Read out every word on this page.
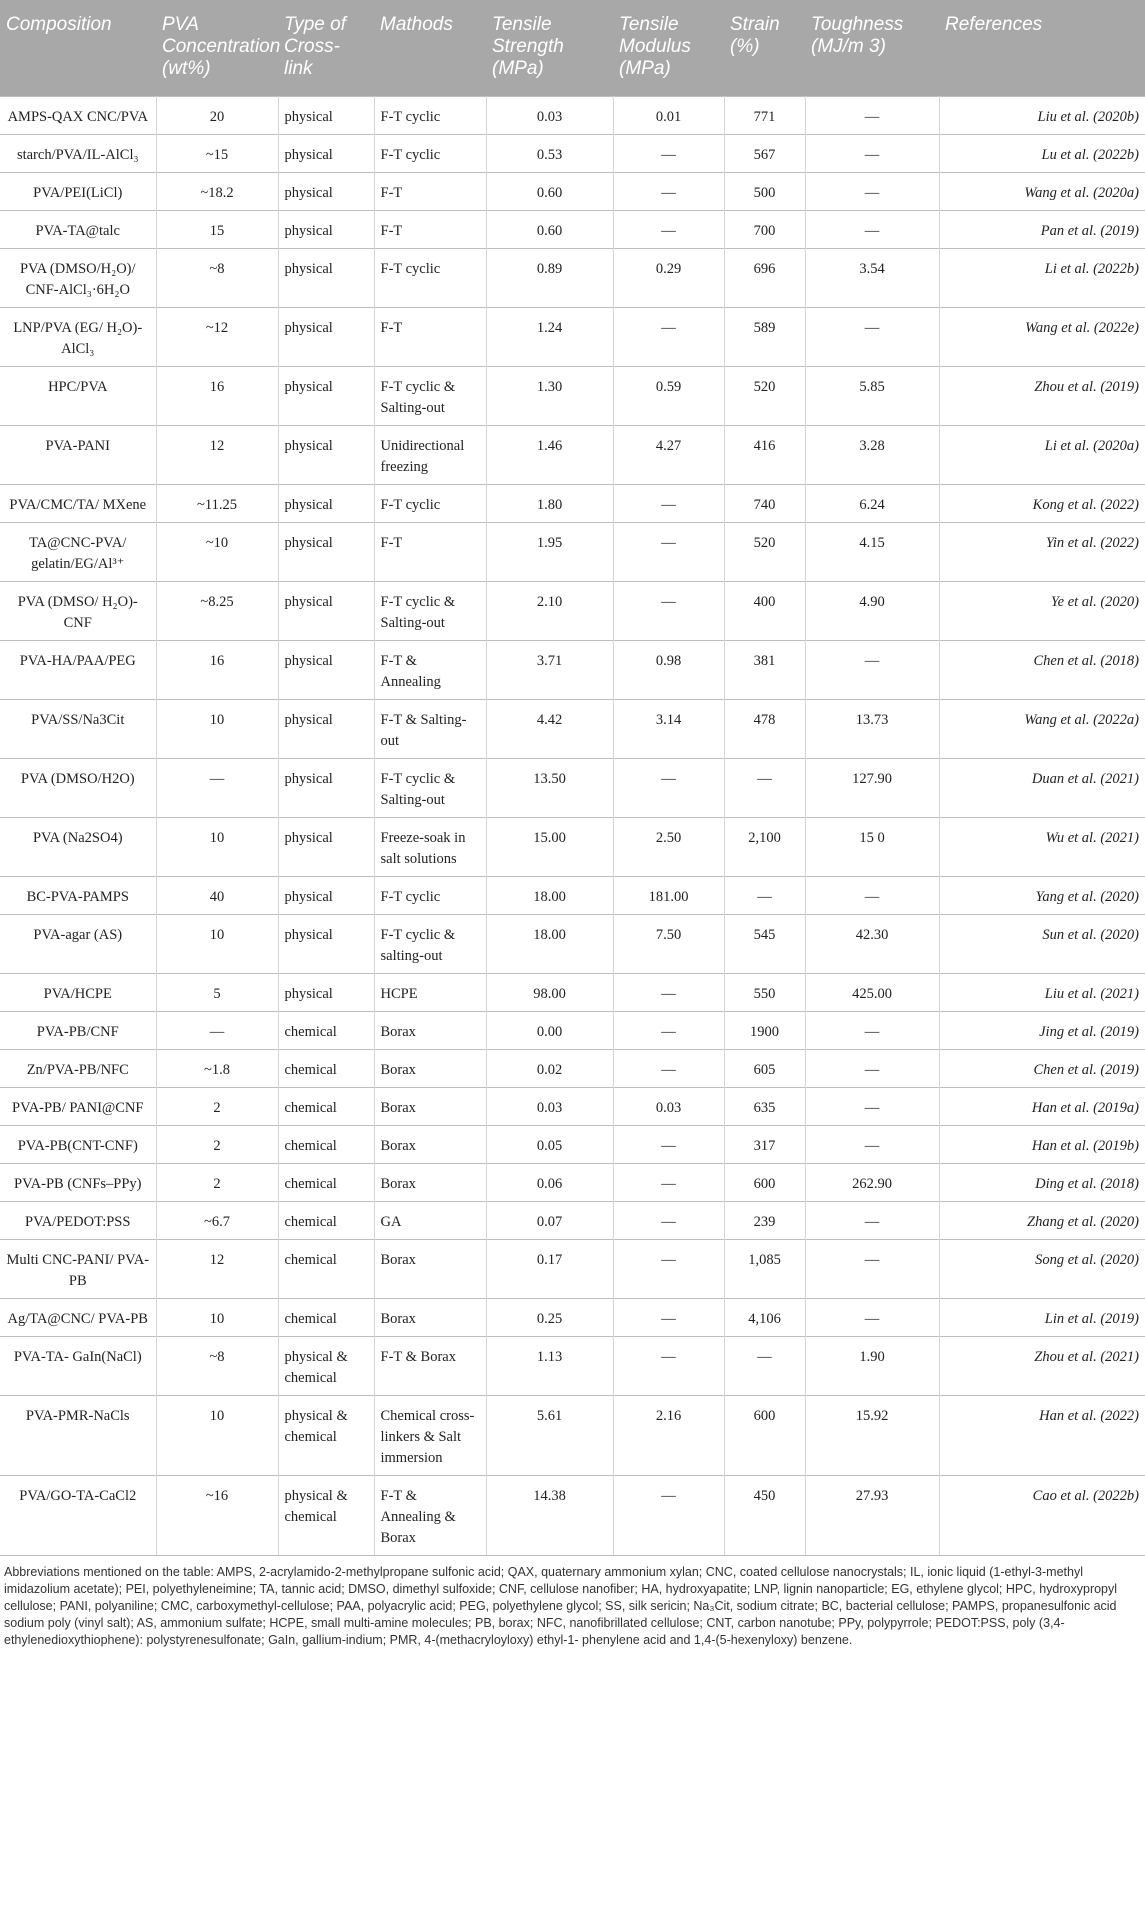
Composition	PVA Concentration (wt%)	Type of Cross-link	Mathods	Tensile Strength (MPa)	Tensile Modulus (MPa)	Strain (%)	Toughness (MJ/m 3)	References
AMPS-QAX CNC/PVA	20	physical	F-T cyclic	0.03	0.01	771	—	Liu et al. (2020b)
starch/PVA/IL-AlCl₃	~15	physical	F-T cyclic	0.53	—	567	—	Lu et al. (2022b)
PVA/PEI(LiCl)	~18.2	physical	F-T	0.60	—	500	—	Wang et al. (2020a)
PVA-TA@talc	15	physical	F-T	0.60	—	700	—	Pan et al. (2019)
PVA (DMSO/H₂O)/ CNF-AlCl₃·6H₂O	~8	physical	F-T cyclic	0.89	0.29	696	3.54	Li et al. (2022b)
LNP/PVA (EG/ H₂O)-AlCl₃	~12	physical	F-T	1.24	—	589	—	Wang et al. (2022e)
HPC/PVA	16	physical	F-T cyclic & Salting-out	1.30	0.59	520	5.85	Zhou et al. (2019)
PVA-PANI	12	physical	Unidirectional freezing	1.46	4.27	416	3.28	Li et al. (2020a)
PVA/CMC/TA/ MXene	~11.25	physical	F-T cyclic	1.80	—	740	6.24	Kong et al. (2022)
TA@CNC-PVA/ gelatin/EG/Al³⁺	~10	physical	F-T	1.95	—	520	4.15	Yin et al. (2022)
PVA (DMSO/ H₂O)-CNF	~8.25	physical	F-T cyclic & Salting-out	2.10	—	400	4.90	Ye et al. (2020)
PVA-HA/PAA/PEG	16	physical	F-T & Annealing	3.71	0.98	381	—	Chen et al. (2018)
PVA/SS/Na3Cit	10	physical	F-T & Salting-out	4.42	3.14	478	13.73	Wang et al. (2022a)
PVA (DMSO/H2O)	—	physical	F-T cyclic & Salting-out	13.50	—	—	127.90	Duan et al. (2021)
PVA (Na2SO4)	10	physical	Freeze-soak in salt solutions	15.00	2.50	2,100	15 0	Wu et al. (2021)
BC-PVA-PAMPS	40	physical	F-T cyclic	18.00	181.00	—	—	Yang et al. (2020)
PVA-agar (AS)	10	physical	F-T cyclic & salting-out	18.00	7.50	545	42.30	Sun et al. (2020)
PVA/HCPE	5	physical	HCPE	98.00	—	550	425.00	Liu et al. (2021)
PVA-PB/CNF	—	chemical	Borax	0.00	—	1900	—	Jing et al. (2019)
Zn/PVA-PB/NFC	~1.8	chemical	Borax	0.02	—	605	—	Chen et al. (2019)
PVA-PB/ PANI@CNF	2	chemical	Borax	0.03	0.03	635	—	Han et al. (2019a)
PVA-PB(CNT-CNF)	2	chemical	Borax	0.05	—	317	—	Han et al. (2019b)
PVA-PB (CNFs–PPy)	2	chemical	Borax	0.06	—	600	262.90	Ding et al. (2018)
PVA/PEDOT:PSS	~6.7	chemical	GA	0.07	—	239	—	Zhang et al. (2020)
Multi CNC-PANI/ PVA-PB	12	chemical	Borax	0.17	—	1,085	—	Song et al. (2020)
Ag/TA@CNC/ PVA-PB	10	chemical	Borax	0.25	—	4,106	—	Lin et al. (2019)
PVA-TA- GaIn(NaCl)	~8	physical & chemical	F-T & Borax	1.13	—	—	1.90	Zhou et al. (2021)
PVA-PMR-NaCls	10	physical & chemical	Chemical cross-linkers & Salt immersion	5.61	2.16	600	15.92	Han et al. (2022)
PVA/GO-TA-CaCl2	~16	physical & chemical	F-T & Annealing & Borax	14.38	—	450	27.93	Cao et al. (2022b)

Abbreviations mentioned on the table: AMPS, 2-acrylamido-2-methylpropane sulfonic acid; QAX, quaternary ammonium xylan; CNC, coated cellulose nanocrystals; IL, ionic liquid (1-ethyl-3-methyl imidazolium acetate); PEI, polyethyleneimine; TA, tannic acid; DMSO, dimethyl sulfoxide; CNF, cellulose nanofiber; HA, hydroxyapatite; LNP, lignin nanoparticle; EG, ethylene glycol; HPC, hydroxypropyl cellulose; PANI, polyaniline; CMC, carboxymethyl-cellulose; PAA, polyacrylic acid; PEG, polyethylene glycol; SS, silk sericin; Na₃Cit, sodium citrate; BC, bacterial cellulose; PAMPS, propanesulfonic acid sodium poly (vinyl salt); AS, ammonium sulfate; HCPE, small multi-amine molecules; PB, borax; NFC, nanofibrillated cellulose; CNT, carbon nanotube; PPy, polypyrrole; PEDOT:PSS, poly (3,4-ethylenedioxythiophene): polystyrenesulfonate; GaIn, gallium-indium; PMR, 4-(methacryloyloxy) ethyl-1- phenylene acid and 1,4-(5-hexenyloxy) benzene.
